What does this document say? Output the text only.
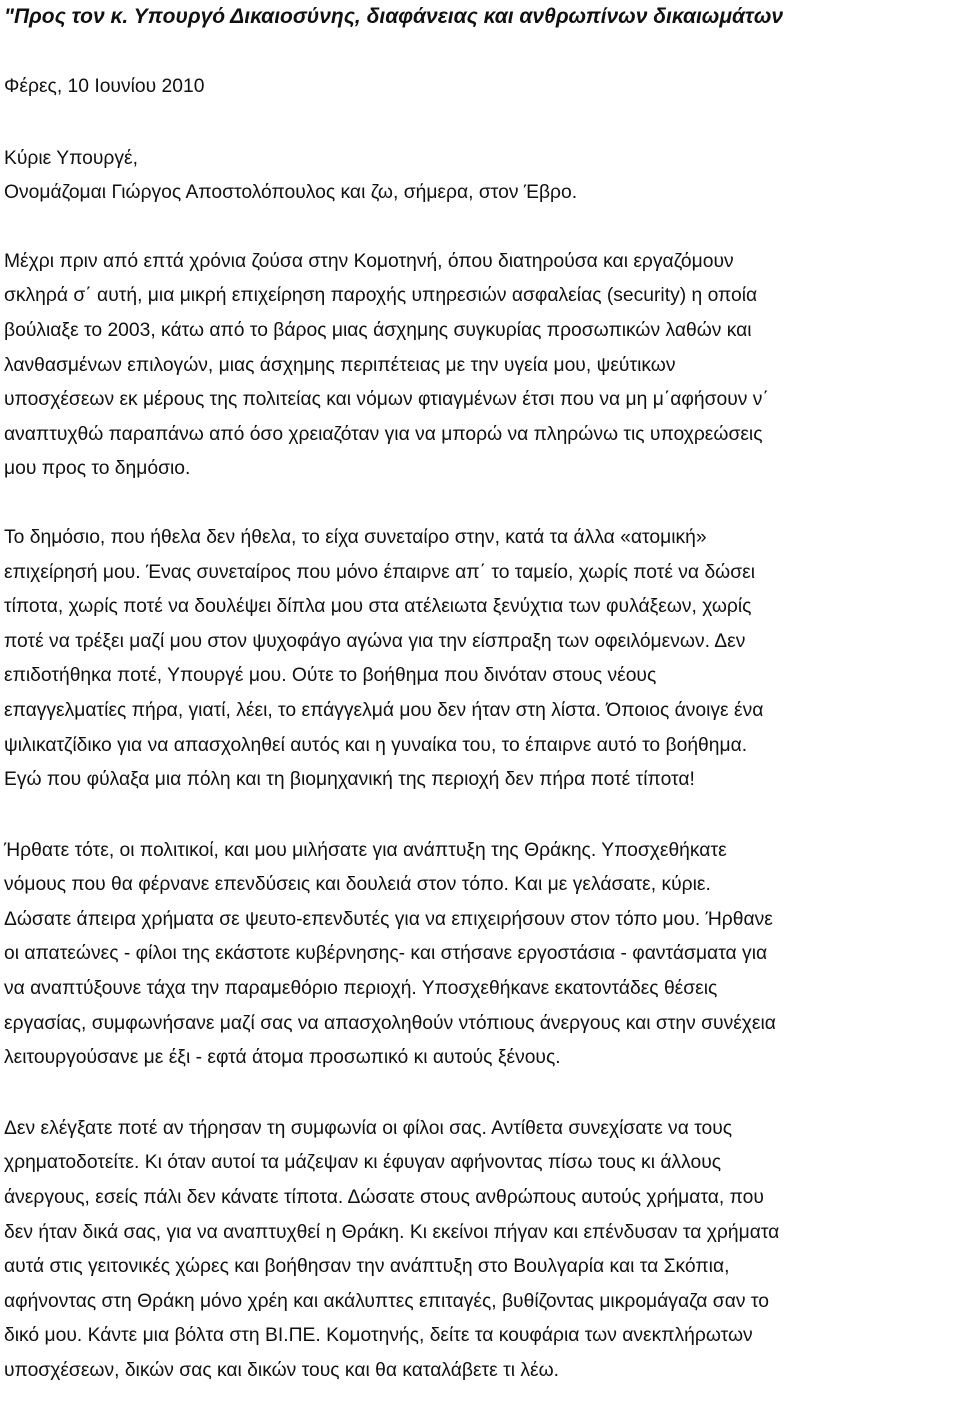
"Προς τον κ. Υπουργό Δικαιοσύνης, διαφάνειας και ανθρωπίνων δικαιωμάτων

Φέρες, 10 Ιουνίου 2010

Κύριε Υπουργέ,

Ονομάζομαι Γιώργος Αποστολόπουλος και ζω, σήμερα, στον Έβρο.

Μέχρι πριν από επτά χρόνια ζούσα στην Κομοτηνή, όπου διατηρούσα και εργαζόμουν

σκληρά σ΄ αυτή, μια μικρή επιχείρηση παροχής υπηρεσιών ασφαλείας (security) η οποία

βούλιαξε το 2003, κάτω από το βάρος μιας άσχημης συγκυρίας προσωπικών λαθών και

λανθασμένων επιλογών, μιας άσχημης περιπέτειας με την υγεία μου, ψεύτικων

υποσχέσεων εκ μέρους της πολιτείας και νόμων φτιαγμένων έτσι που να μη μ΄αφήσουν ν΄

αναπτυχθώ παραπάνω από όσο χρειαζόταν για να μπορώ να πληρώνω τις υποχρεώσεις

μου προς το δημόσιο.

Το δημόσιο, που ήθελα δεν ήθελα, το είχα συνεταίρο στην, κατά τα άλλα «ατομική»

επιχείρησή μου. Ένας συνεταίρος που μόνο έπαιρνε απ΄ το ταμείο, χωρίς ποτέ να δώσει

τίποτα, χωρίς ποτέ να δουλέψει δίπλα μου στα ατέλειωτα ξενύχτια των φυλάξεων, χωρίς

ποτέ να τρέξει μαζί μου στον ψυχοφάγο αγώνα για την είσπραξη των οφειλόμενων. Δεν

επιδοτήθηκα ποτέ, Υπουργέ μου. Ούτε το βοήθημα που δινόταν στους νέους

επαγγελματίες πήρα, γιατί, λέει, το επάγγελμά μου δεν ήταν στη λίστα. Όποιος άνοιγε ένα

ψιλικατζίδικο για να απασχοληθεί αυτός και η γυναίκα του, το έπαιρνε αυτό το βοήθημα.

Εγώ που φύλαξα μια πόλη και τη βιομηχανική της περιοχή δεν πήρα ποτέ τίποτα!

Ήρθατε τότε, οι πολιτικοί, και μου μιλήσατε για ανάπτυξη της Θράκης. Υποσχεθήκατε

νόμους που θα φέρνανε επενδύσεις και δουλειά στον τόπο. Και με γελάσατε, κύριε.

Δώσατε άπειρα χρήματα σε ψευτο-επενδυτές για να επιχειρήσουν στον τόπο μου. Ήρθανε

οι απατεώνες - φίλοι της εκάστοτε κυβέρνησης- και στήσανε εργοστάσια - φαντάσματα για

να αναπτύξουνε τάχα την παραμεθόριο περιοχή. Υποσχεθήκανε εκατοντάδες θέσεις

εργασίας, συμφωνήσανε μαζί σας να απασχοληθούν ντόπιους άνεργους και στην συνέχεια

λειτουργούσανε με έξι - εφτά άτομα προσωπικό κι αυτούς ξένους.

Δεν ελέγξατε ποτέ αν τήρησαν τη συμφωνία οι φίλοι σας. Αντίθετα συνεχίσατε να τους

χρηματοδοτείτε. Κι όταν αυτοί τα μάζεψαν κι έφυγαν αφήνοντας πίσω τους κι άλλους

άνεργους, εσείς πάλι δεν κάνατε τίποτα. Δώσατε στους ανθρώπους αυτούς χρήματα, που

δεν ήταν δικά σας, για να αναπτυχθεί η Θράκη. Κι εκείνοι πήγαν και επένδυσαν τα χρήματα

αυτά στις γειτονικές χώρες και βοήθησαν την ανάπτυξη στο Βουλγαρία και τα Σκόπια,

αφήνοντας στη Θράκη μόνο χρέη και ακάλυπτες επιταγές, βυθίζοντας μικρομάγαζα σαν το

δικό μου. Κάντε μια βόλτα στη ΒΙ.ΠΕ. Κομοτηνής, δείτε τα κουφάρια των ανεκπλήρωτων

υποσχέσεων, δικών σας και δικών τους και θα καταλάβετε τι λέω.
